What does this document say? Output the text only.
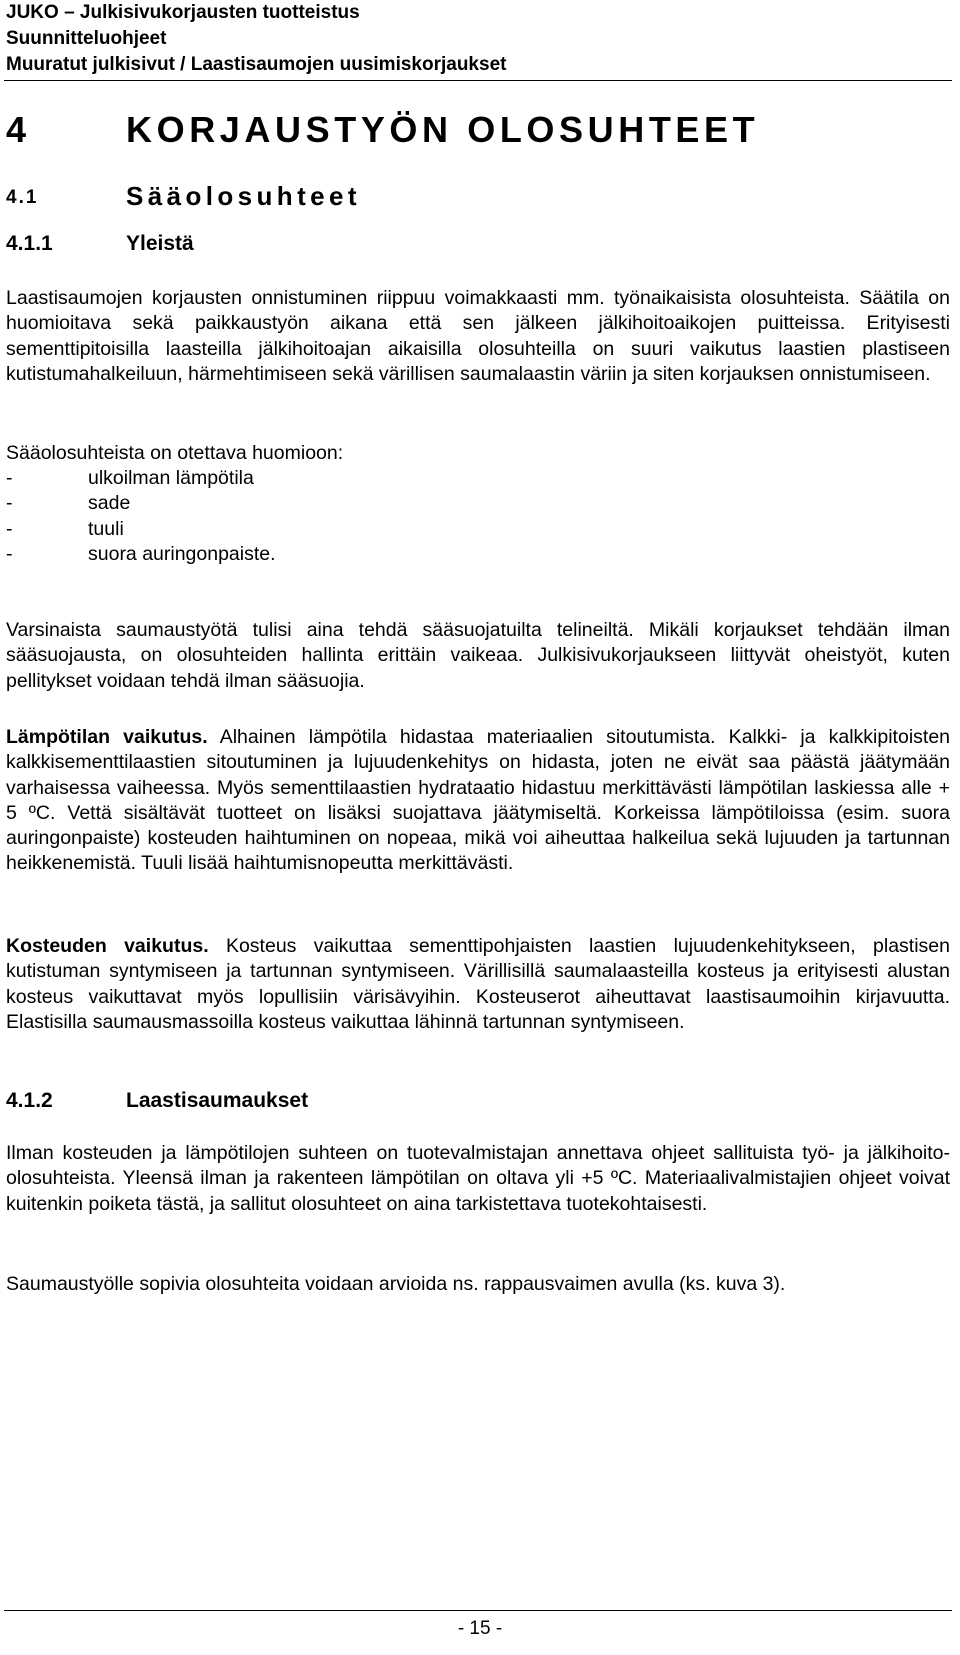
JUKO – Julkisivukorjausten tuotteistus
Suunnitteluohjeet
Muuratut julkisivut / Laastisaumojen uusimiskorjaukset
4	KORJAUSTYÖN OLOSUHTEET
4.1	Sääolosuhteet
4.1.1	Yleistä

Laastisaumojen korjausten onnistuminen riippuu voimakkaasti mm. työnaikaisista olosuhteista. Säätila on huomioitava sekä paikkaustyön aikana että sen jälkeen jälkihoitoaikojen puitteissa. Erityisesti sementtipitoisilla laasteilla jälkihoitoajan aikaisilla olosuhteilla on suuri vaikutus laastien plastiseen kutistumahalkeiluun, härmehtimiseen sekä värillisen saumalaastin väriin ja siten korjauksen onnistumiseen.

Sääolosuhteista on otettava huomioon:

-	ulkoilman lämpötila
-	sade
-	tuuli
-	suora auringonpaiste.

Varsinaista saumaustyötä tulisi aina tehdä sääsuojatuilta telineiltä. Mikäli korjaukset tehdään ilman sääsuojausta, on olosuhteiden hallinta erittäin vaikeaa. Julkisivukorjaukseen liittyvät oheistyöt, kuten pellitykset voidaan tehdä ilman sääsuojia.

Lämpötilan vaikutus. Alhainen lämpötila hidastaa materiaalien sitoutumista. Kalkki- ja kalkkipitoisten kalkkisementtilaastien sitoutuminen ja lujuudenkehitys on hidasta, joten ne eivät saa päästä jäätymään varhaisessa vaiheessa. Myös sementtilaastien hydrataatio hidastuu merkittävästi lämpötilan laskiessa alle + 5 ºC. Vettä sisältävät tuotteet on lisäksi suojattava jäätymiseltä. Korkeissa lämpötiloissa (esim. suora auringonpaiste) kosteuden haihtuminen on nopeaa, mikä voi aiheuttaa halkeilua sekä lujuuden ja tartunnan heikkenemistä. Tuuli lisää haihtumisnopeutta merkittävästi.

Kosteuden vaikutus. Kosteus vaikuttaa sementtipohjaisten laastien lujuudenkehitykseen, plastisen kutistuman syntymiseen ja tartunnan syntymiseen. Värillisillä saumalaasteilla kosteus ja erityisesti alustan kosteus vaikuttavat myös lopullisiin värisävyihin. Kosteuserot aiheuttavat laastisaumoihin kirjavuutta. Elastisilla saumausmassoilla kosteus vaikuttaa lähinnä tartunnan syntymiseen.

4.1.2	Laastisaumaukset

Ilman kosteuden ja lämpötilojen suhteen on tuotevalmistajan annettava ohjeet sallituista työ- ja jälkihoito-olosuhteista. Yleensä ilman ja rakenteen lämpötilan on oltava yli +5 ºC. Materiaalivalmistajien ohjeet voivat kuitenkin poiketa tästä, ja sallitut olosuhteet on aina tarkistettava tuotekohtaisesti.

Saumaustyölle sopivia olosuhteita voidaan arvioida ns. rappausvaimen avulla (ks. kuva 3).

- 15 -
